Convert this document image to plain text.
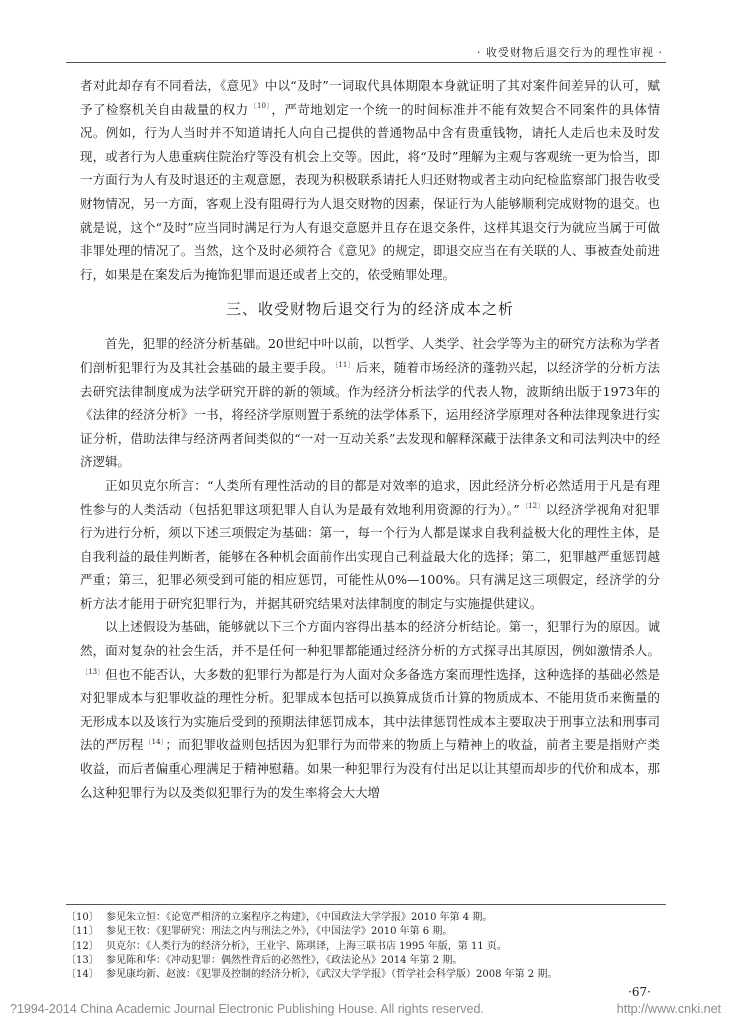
· 收受财物后退交行为的理性审视 ·

者对此却存有不同看法，《意见》中以“及时”一词取代具体期限本身就证明了其对案件间差异的认可，赋予了检察机关自由裁量的权力$^{〔10〕}$，严苛地划定一个统一的时间标准并不能有效契合不同案件的具体情况。例如，行为人当时并不知道请托人向自己提供的普通物品中含有贵重钱物，请托人走后也未及时发现，或者行为人患重病住院治疗等没有机会上交等。因此，将“及时”理解为主观与客观统一更为恰当，即一方面行为人有及时退还的主观意愿，表现为积极联系请托人归还财物或者主动向纪检监察部门报告收受财物情况，另一方面，客观上没有阻碍行为人退交财物的因素，保证行为人能够顺利完成财物的退交。也就是说，这个“及时”应当同时满足行为人有退交意愿并且存在退交条件，这样其退交行为就应当属于可做非罪处理的情况了。当然，这个及时必须符合《意见》的规定，即退交应当在有关联的人、事被查处前进行，如果是在案发后为掩饰犯罪而退还或者上交的，依受贿罪处理。

三、收受财物后退交行为的经济成本之析

首先，犯罪的经济分析基础。20世纪中叶以前，以哲学、人类学、社会学等为主的研究方法称为学者们剖析犯罪行为及其社会基础的最主要手段。$^{〔11〕}$后来，随着市场经济的蓬勃兴起，以经济学的分析方法去研究法律制度成为法学研究开辟的新的领域。作为经济分析法学的代表人物，波斯纳出版于1973年的《法律的经济分析》一书，将经济学原则置于系统的法学体系下，运用经济学原理对各种法律现象进行实证分析，借助法律与经济两者间类似的“一对一互动关系”去发现和解释深藏于法律条文和司法判决中的经济逻辑。

正如贝克尔所言：“人类所有理性活动的目的都是对效率的追求，因此经济分析必然适用于凡是有理性参与的人类活动（包括犯罪这项犯罪人自认为是最有效地利用资源的行为）。”$^{〔12〕}$以经济学视角对犯罪行为进行分析，须以下述三项假定为基础：第一，每一个行为人都是谋求自我利益极大化的理性主体，是自我利益的最佳判断者，能够在各种机会面前作出实现自己利益最大化的选择；第二，犯罪越严重惩罚越严重；第三，犯罪必须受到可能的相应惩罚，可能性从0%—100%。只有满足这三项假定，经济学的分析方法才能用于研究犯罪行为，并据其研究结果对法律制度的制定与实施提供建议。

以上述假设为基础，能够就以下三个方面内容得出基本的经济分析结论。第一，犯罪行为的原因。诚然，面对复杂的社会生活，并不是任何一种犯罪都能通过经济分析的方式探寻出其原因，例如激情杀人。$^{〔13〕}$但也不能否认，大多数的犯罪行为都是行为人面对众多备选方案而理性选择，这种选择的基础必然是对犯罪成本与犯罪收益的理性分析。犯罪成本包括可以换算成货币计算的物质成本、不能用货币来衡量的无形成本以及该行为实施后受到的预期法律惩罚成本，其中法律惩罚性成本主要取决于刑事立法和刑事司法的严厉程$^{〔14〕}$；而犯罪收益则包括因为犯罪行为而带来的物质上与精神上的收益，前者主要是指财产类收益，而后者偏重心理满足于精神慰藉。如果一种犯罪行为没有付出足以让其望而却步的代价和成本，那么这种犯罪行为以及类似犯罪行为的发生率将会大大增

〔10〕 参见朱立恒：《论宽严相济的立案程序之构建》，《中国政法大学学报》2010 年第 4 期。
〔11〕 参见王牧：《犯罪研究：刑法之内与刑法之外》，《中国法学》2010 年第 6 期。
〔12〕 贝克尔：《人类行为的经济分析》，王业宇、陈琪译，上海三联书店 1995 年版，第 11 页。
〔13〕 参见陈和华：《冲动犯罪：偶然性背后的必然性》，《政法论丛》2014 年第 2 期。
〔14〕 参见康均新、赵波：《犯罪及控制的经济分析》，《武汉大学学报》（哲学社会科学版）2008 年第 2 期。
·67·
?1994-2014 China Academic Journal Electronic Publishing House. All rights reserved.	http://www.cnki.net
